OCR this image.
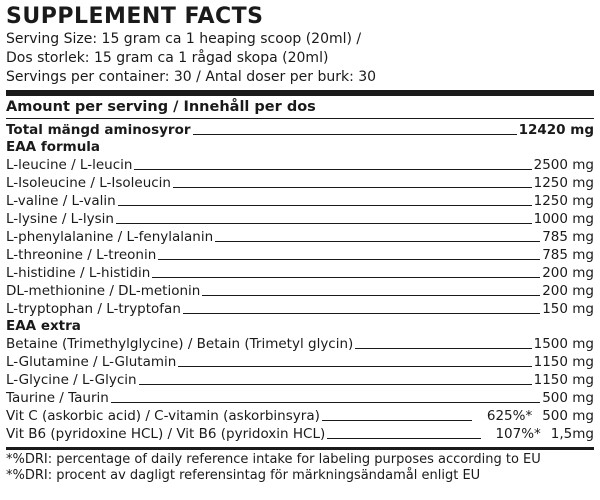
SUPPLEMENT FACTS
Serving Size: 15 gram ca 1 heaping scoop (20ml) /
Dos storlek: 15 gram ca 1 rågad skopa (20ml)
Servings per container: 30 / Antal doser per burk: 30
Amount per serving / Innehåll per dos
Total mängd aminosyror	12420 mg
EAA formula
L-leucine / L-leucin	2500 mg
L-Isoleucine / L-Isoleucin	1250 mg
L-valine / L-valin	1250 mg
L-lysine / L-lysin	1000 mg
L-phenylalanine / L-fenylalanin	785 mg
L-threonine / L-treonin	785 mg
L-histidine / L-histidin	200 mg
DL-methionine / DL-metionin	200 mg
L-tryptophan / L-tryptofan	150 mg
EAA extra
Betaine (Trimethylglycine) / Betain (Trimetyl glycin)	1500 mg
L-Glutamine / L-Glutamin	1150 mg
L-Glycine / L-Glycin	1150 mg
Taurine / Taurin	500 mg
Vit C (askorbic acid) / C-vitamin (askorbinsyra)	625%* 500 mg
Vit B6 (pyridoxine HCL) / Vit B6 (pyridoxin HCL)	107%* 1,5mg
*%DRI: percentage of daily reference intake for labeling purposes according to EU
*%DRI: procent av dagligt referensintag för märkningsändamål enligt EU
